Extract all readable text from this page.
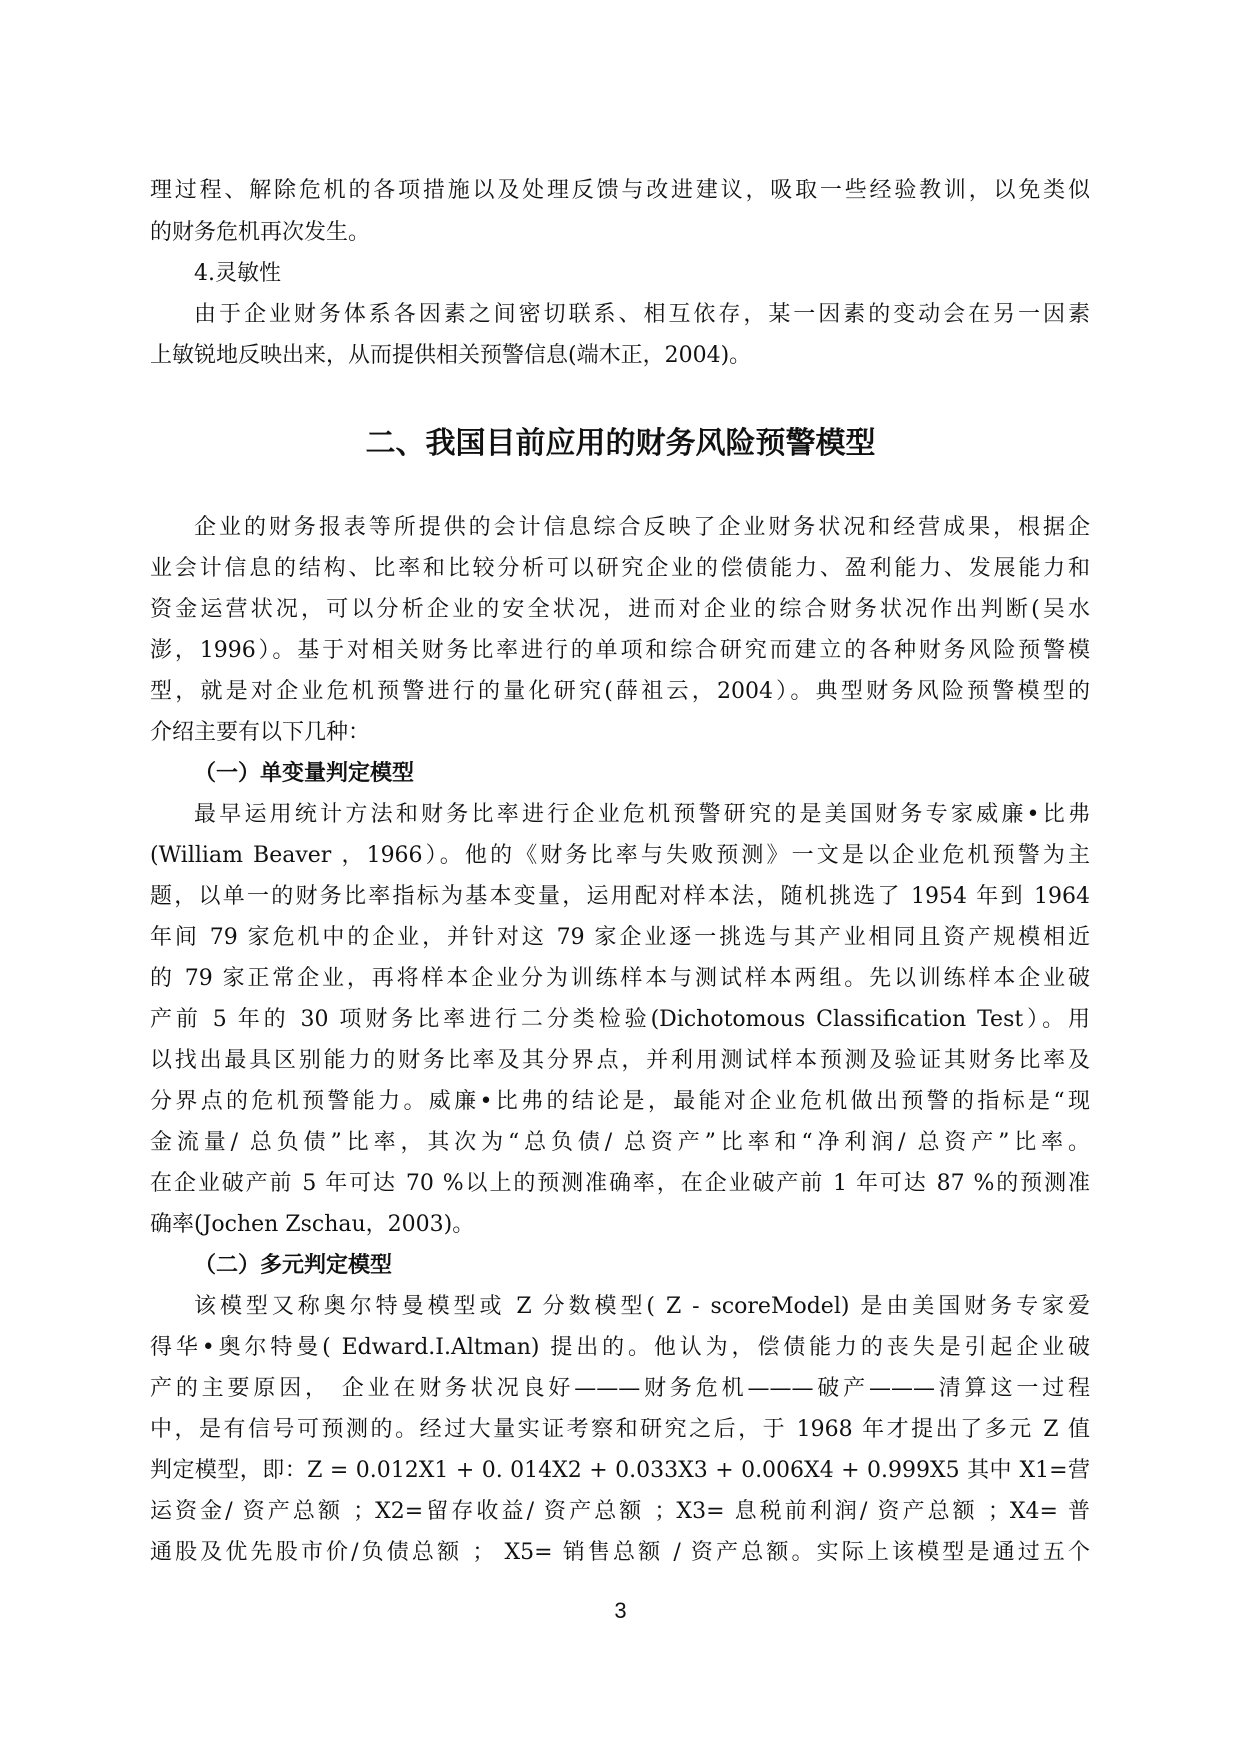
理过程、解除危机的各项措施以及处理反馈与改进建议，吸取一些经验教训，以免类似
的财务危机再次发生。
4.灵敏性
由于企业财务体系各因素之间密切联系、相互依存，某一因素的变动会在另一因素
上敏锐地反映出来，从而提供相关预警信息(端木正，2004)。
二、我国目前应用的财务风险预警模型
企业的财务报表等所提供的会计信息综合反映了企业财务状况和经营成果，根据企
业会计信息的结构、比率和比较分析可以研究企业的偿债能力、盈利能力、发展能力和
资金运营状况，可以分析企业的安全状况，进而对企业的综合财务状况作出判断(吴水
澎，1996）。基于对相关财务比率进行的单项和综合研究而建立的各种财务风险预警模
型，就是对企业危机预警进行的量化研究(薛祖云，2004）。典型财务风险预警模型的
介绍主要有以下几种：
（一）单变量判定模型
最早运用统计方法和财务比率进行企业危机预警研究的是美国财务专家威廉•比弗
(William Beaver ，1966）。他的《财务比率与失败预测》一文是以企业危机预警为主
题，以单一的财务比率指标为基本变量，运用配对样本法，随机挑选了 1954 年到 1964
年间 79 家危机中的企业，并针对这 79 家企业逐一挑选与其产业相同且资产规模相近
的 79 家正常企业，再将样本企业分为训练样本与测试样本两组。先以训练样本企业破
产前 5 年的 30 项财务比率进行二分类检验(Dichotomous Classification Test）。用
以找出最具区别能力的财务比率及其分界点，并利用测试样本预测及验证其财务比率及
分界点的危机预警能力。威廉•比弗的结论是，最能对企业危机做出预警的指标是“现
金流量/ 总负债”比率，其次为“总负债/ 总资产”比率和“净利润/ 总资产”比率。
在企业破产前 5 年可达 70 %以上的预测准确率，在企业破产前 1 年可达 87 %的预测准
确率(Jochen Zschau，2003)。
（二）多元判定模型
该模型又称奥尔特曼模型或 Z 分数模型( Z - scoreModel) 是由美国财务专家爱
得华•奥尔特曼( Edward.I.Altman) 提出的。他认为，偿债能力的丧失是引起企业破
产的主要原因， 企业在财务状况良好———财务危机———破产———清算这一过程
中，是有信号可预测的。经过大量实证考察和研究之后，于 1968 年才提出了多元 Z 值
判定模型，即：Z = 0.012X1 + 0. 014X2 + 0.033X3 + 0.006X4 + 0.999X5 其中 X1=营
运资金/ 资产总额 ；X2=留存收益/ 资产总额 ；X3= 息税前利润/ 资产总额 ；X4= 普
通股及优先股市价/负债总额 ； X5= 销售总额 / 资产总额。实际上该模型是通过五个
3
